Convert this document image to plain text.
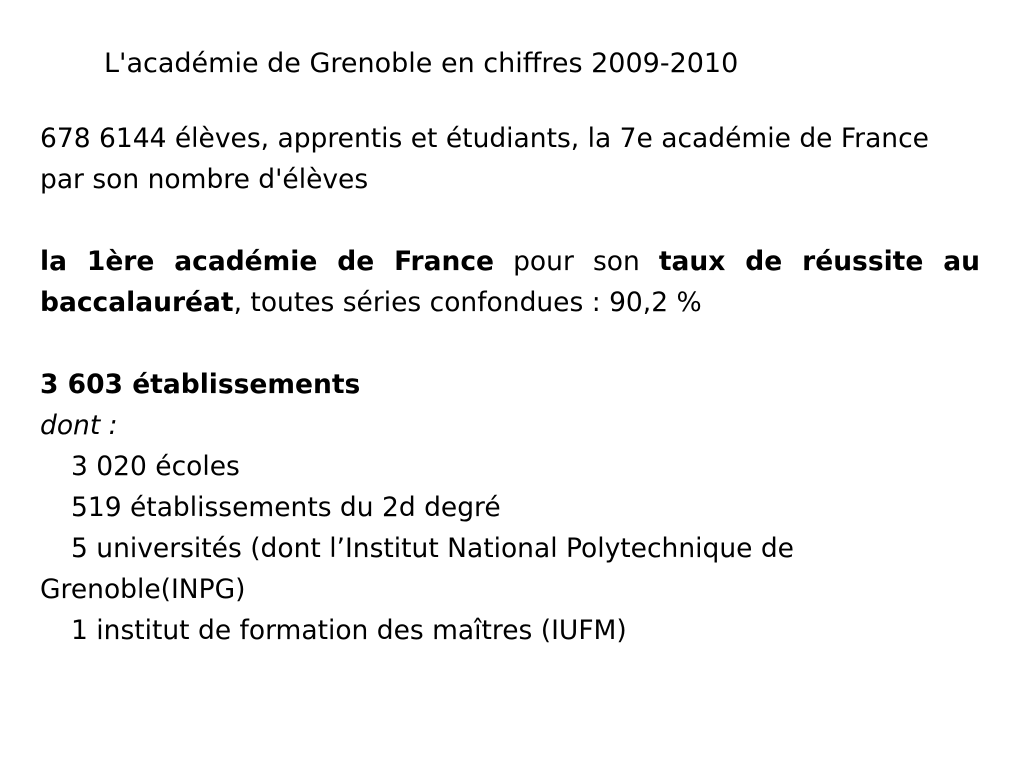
L'académie de Grenoble en chiffres 2009-2010

678 6144 élèves, apprentis et étudiants, la 7e académie de France par son nombre d'élèves

la 1ère académie de France pour son taux de réussite au baccalauréat, toutes séries confondues : 90,2 %

3 603 établissements
dont :
3 020 écoles
519 établissements du 2d degré
5 universités (dont l’Institut National Polytechnique de
Grenoble(INPG)
1 institut de formation des maîtres (IUFM)
